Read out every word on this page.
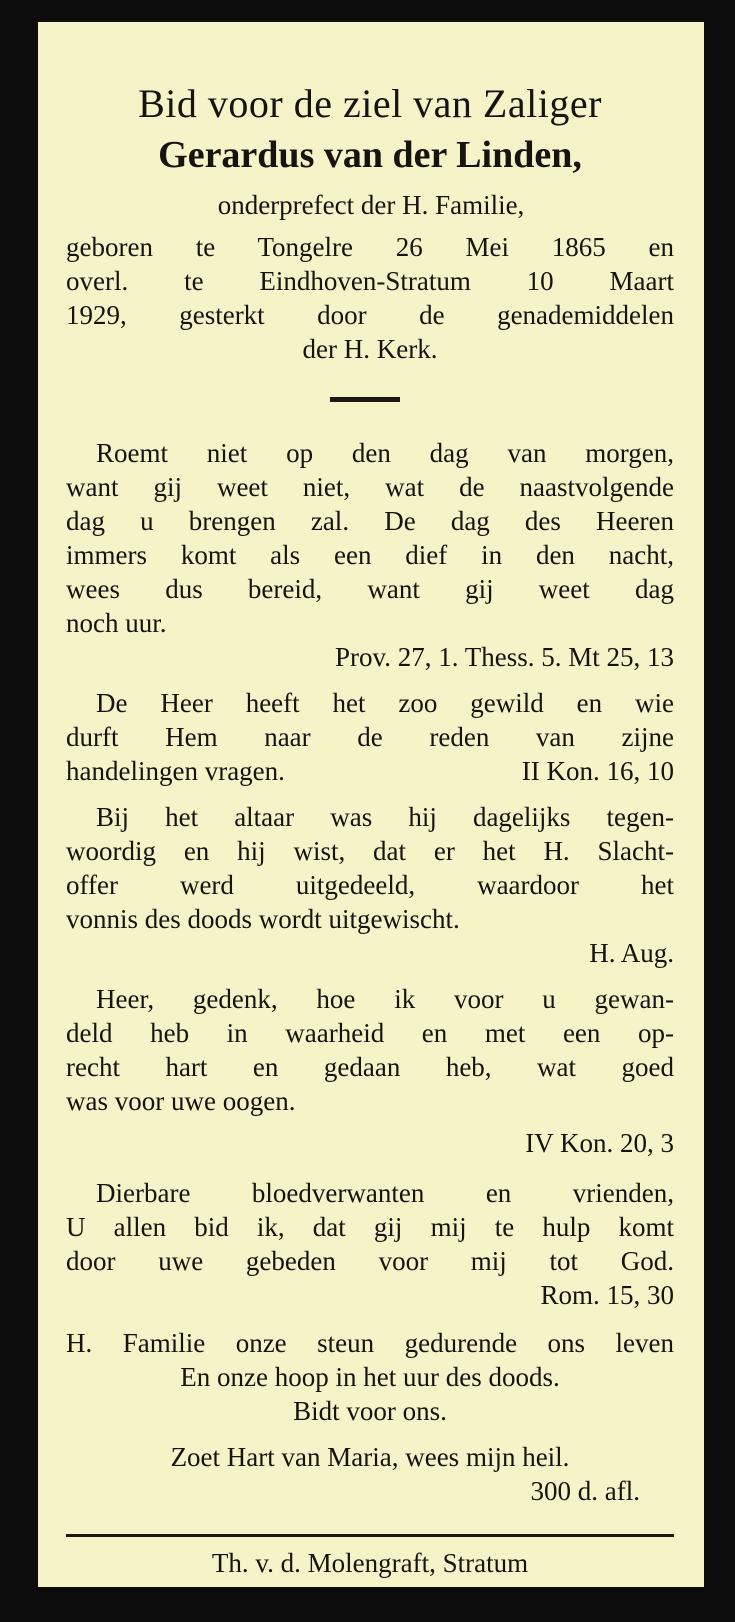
Bid voor de ziel van Zaliger
Gerardus van der Linden,
onderprefect der H. Familie,
geboren te Tongelre 26 Mei 1865 en
overl. te Eindhoven-Stratum 10 Maart
1929, gesterkt door de genademiddelen
der H. Kerk.
Roemt niet op den dag van morgen,
want gij weet niet, wat de naastvolgende
dag u brengen zal. De dag des Heeren
immers komt als een dief in den nacht,
wees dus bereid, want gij weet dag
noch uur.
Prov. 27, 1. Thess. 5. Mt 25, 13
De Heer heeft het zoo gewild en wie
durft Hem naar de reden van zijne
handelingen vragen.	II Kon. 16, 10
Bij het altaar was hij dagelijks tegen-
woordig en hij wist, dat er het H. Slacht-
offer werd uitgedeeld, waardoor het
vonnis des doods wordt uitgewischt.
H. Aug.
Heer, gedenk, hoe ik voor u gewan-
deld heb in waarheid en met een op-
recht hart en gedaan heb, wat goed
was voor uwe oogen.
IV Kon. 20, 3
Dierbare bloedverwanten en vrienden,
U allen bid ik, dat gij mij te hulp komt
door uwe gebeden voor mij tot God.
Rom. 15, 30
H. Familie onze steun gedurende ons leven
En onze hoop in het uur des doods.
Bidt voor ons.
Zoet Hart van Maria, wees mijn heil.
300 d. afl.
Th. v. d. Molengraft, Stratum
